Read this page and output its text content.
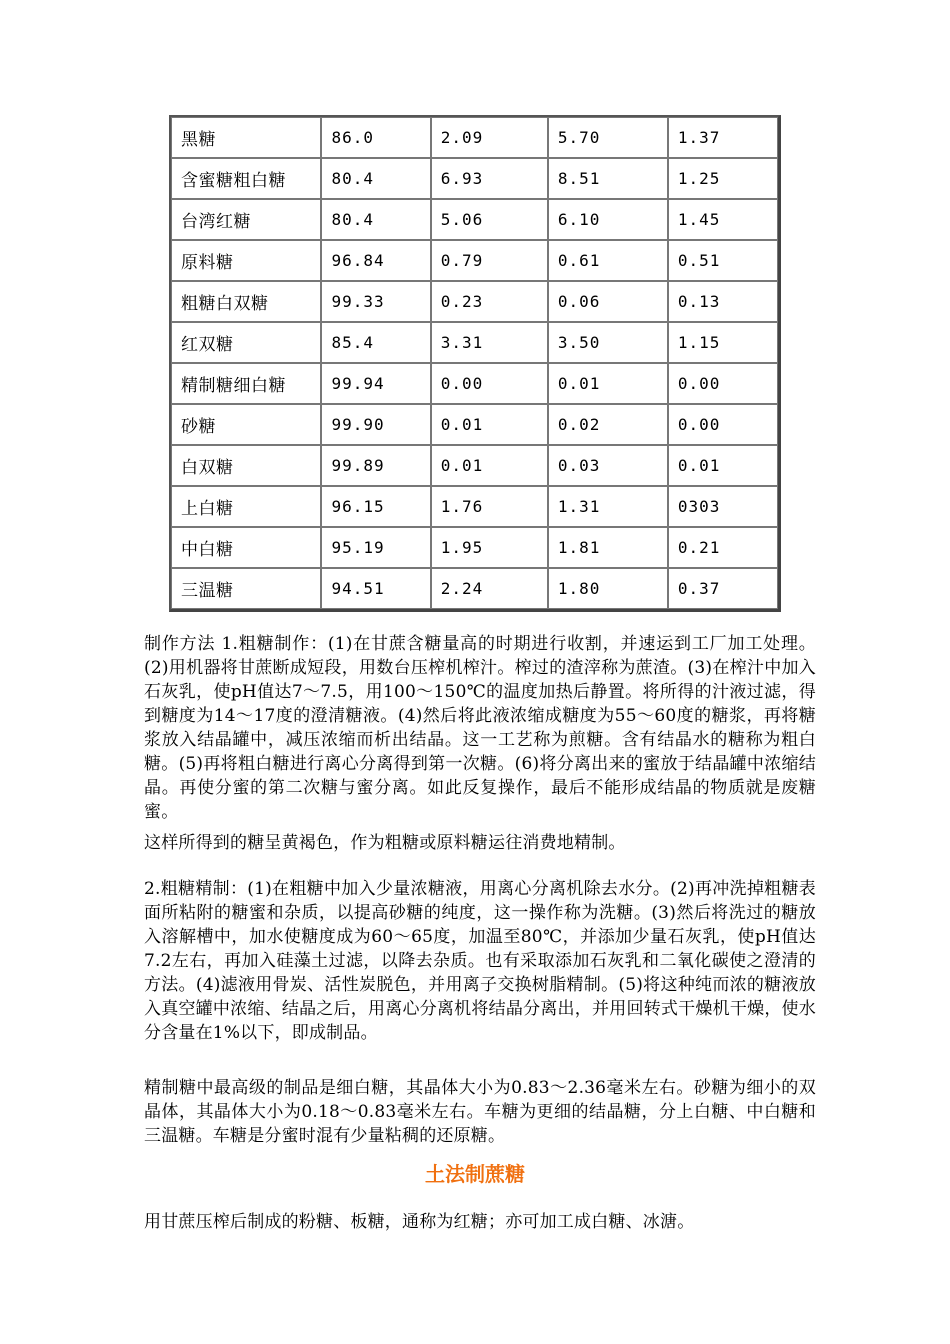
黑糖	86.0	2.09	5.70	1.37
含蜜糖粗白糖	80.4	6.93	8.51	1.25
台湾红糖	80.4	5.06	6.10	1.45
原料糖	96.84	0.79	0.61	0.51
粗糖白双糖	99.33	0.23	0.06	0.13
红双糖	85.4	3.31	3.50	1.15
精制糖细白糖	99.94	0.00	0.01	0.00
砂糖	99.90	0.01	0.02	0.00
白双糖	99.89	0.01	0.03	0.01
上白糖	96.15	1.76	1.31	0303
中白糖	95.19	1.95	1.81	0.21
三温糖	94.51	2.24	1.80	0.37

制作方法 1.粗糖制作：(1)在甘蔗含糖量高的时期进行收割，并速运到工厂加工处理。(2)用机器将甘蔗断成短段，用数台压榨机榨汁。榨过的渣滓称为蔗渣。(3)在榨汁中加入石灰乳，使pH值达7～7.5，用100～150℃的温度加热后静置。将所得的汁液过滤，得到糖度为14～17度的澄清糖液。(4)然后将此液浓缩成糖度为55～60度的糖浆，再将糖浆放入结晶罐中，减压浓缩而析出结晶。这一工艺称为煎糖。含有结晶水的糖称为粗白糖。(5)再将粗白糖进行离心分离得到第一次糖。(6)将分离出来的蜜放于结晶罐中浓缩结晶。再使分蜜的第二次糖与蜜分离。如此反复操作，最后不能形成结晶的物质就是废糖蜜。

这样所得到的糖呈黄褐色，作为粗糖或原料糖运往消费地精制。

2.粗糖精制：(1)在粗糖中加入少量浓糖液，用离心分离机除去水分。(2)再冲洗掉粗糖表面所粘附的糖蜜和杂质，以提高砂糖的纯度，这一操作称为洗糖。(3)然后将洗过的糖放入溶解槽中，加水使糖度成为60～65度，加温至80℃，并添加少量石灰乳，使pH值达7.2左右，再加入硅藻土过滤，以降去杂质。也有采取添加石灰乳和二氧化碳使之澄清的方法。(4)滤液用骨炭、活性炭脱色，并用离子交换树脂精制。(5)将这种纯而浓的糖液放入真空罐中浓缩、结晶之后，用离心分离机将结晶分离出，并用回转式干燥机干燥，使水分含量在1%以下，即成制品。

精制糖中最高级的制品是细白糖，其晶体大小为0.83～2.36毫米左右。砂糖为细小的双晶体，其晶体大小为0.18～0.83毫米左右。车糖为更细的结晶糖，分上白糖、中白糖和三温糖。车糖是分蜜时混有少量粘稠的还原糖。

土法制蔗糖

用甘蔗压榨后制成的粉糖、板糖，通称为红糖；亦可加工成白糖、冰溏。
